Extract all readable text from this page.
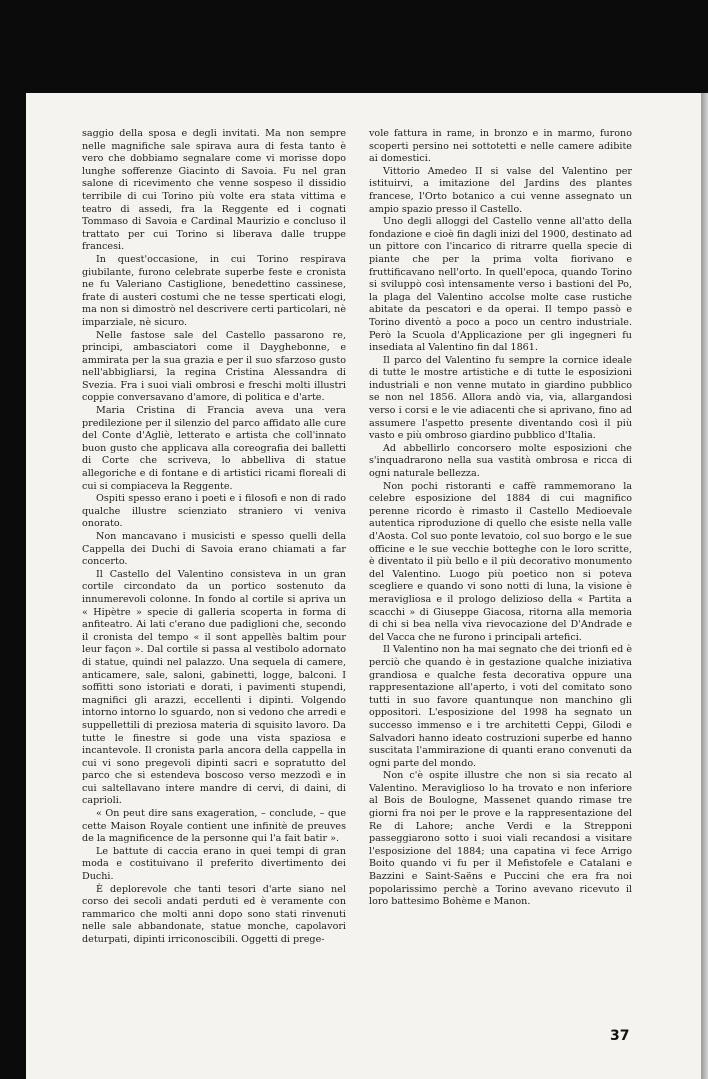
saggio della sposa e degli invitati. Ma non sempre nelle magnifiche sale spirava aura di festa tanto è vero che dobbiamo segnalare come vi morisse dopo lunghe sofferenze Giacinto di Savoia. Fu nel gran salone di ricevimento che venne sospeso il dissidio terribile di cui Torino più volte era stata vittima e teatro di assedi, fra la Reggente ed i cognati Tommaso di Savoia e Cardinal Maurizio e concluso il trattato per cui Torino si liberava dalle truppe francesi.

In quest'occasione, in cui Torino respirava giubilante, furono celebrate superbe feste e cronista ne fu Valeriano Castiglione, benedettino cassinese, frate di austeri costumi che ne tesse sperticati elogi, ma non si dimostrò nel descrivere certi particolari, nè imparziale, nè sicuro.

Nelle fastose sale del Castello passarono re, principi, ambasciatori come il Dayghebonne, e ammirata per la sua grazia e per il suo sfarzoso gusto nell'abbigliarsi, la regina Cristina Alessandra di Svezia. Fra i suoi viali ombrosi e freschi molti illustri coppie conversavano d'amore, di politica e d'arte.

Maria Cristina di Francia aveva una vera predilezione per il silenzio del parco affidato alle cure del Conte d'Agliè, letterato e artista che coll'innato buon gusto che applicava alla coreografia dei balletti di Corte che scriveva, lo abbelliva di statue allegoriche e di fontane e di artistici ricami floreali di cui si compiaceva la Reggente.

Ospiti spesso erano i poeti e i filosofi e non di rado qualche illustre scienziato straniero vi veniva onorato.

Non mancavano i musicisti e spesso quelli della Cappella dei Duchi di Savoia erano chiamati a far concerto.

Il Castello del Valentino consisteva in un gran cortile circondato da un portico sostenuto da innumerevoli colonne. In fondo al cortile si apriva un « Hipètre » specie di galleria scoperta in forma di anfiteatro. Ai lati c'erano due padiglioni che, secondo il cronista del tempo « il sont appellès baltim pour leur façon ». Dal cortile si passa al vestibolo adornato di statue, quindi nel palazzo. Una sequela di camere, anticamere, sale, saloni, gabinetti, logge, balconi. I soffitti sono istoriati e dorati, i pavimenti stupendi, magnifici gli arazzi, eccellenti i dipinti. Volgendo intorno intorno lo sguardo, non si vedono che arredi e suppellettili di preziosa materia di squisito lavoro. Da tutte le finestre si gode una vista spaziosa e incantevole. Il cronista parla ancora della cappella in cui vi sono pregevoli dipinti sacri e sopratutto del parco che si estendeva boscoso verso mezzodì e in cui saltellavano intere mandre di cervi, di daini, di caprioli.

« On peut dire sans exageration, – conclude, – que cette Maison Royale contient une infinitè de preuves de la magnificence de la personne qui l'a fait batir ».

Le battute di caccia erano in quei tempi di gran moda e costituivano il preferito divertimento dei Duchi.

È deplorevole che tanti tesori d'arte siano nel corso dei secoli andati perduti ed è veramente con rammarico che molti anni dopo sono stati rinvenuti nelle sale abbandonate, statue monche, capolavori deturpati, dipinti irriconoscibili. Oggetti di prege-

vole fattura in rame, in bronzo e in marmo, furono scoperti persino nei sottotetti e nelle camere adibite ai domestici.

Vittorio Amedeo II si valse del Valentino per istituirvi, a imitazione del Jardins des plantes francese, l'Orto botanico a cui venne assegnato un ampio spazio presso il Castello.

Uno degli alloggi del Castello venne all'atto della fondazione e cioè fin dagli inizi del 1900, destinato ad un pittore con l'incarico di ritrarre quella specie di piante che per la prima volta fiorivano e fruttificavano nell'orto. In quell'epoca, quando Torino si sviluppò così intensamente verso i bastioni del Po, la plaga del Valentino accolse molte case rustiche abitate da pescatori e da operai. Il tempo passò e Torino diventò a poco a poco un centro industriale. Però la Scuola d'Applicazione per gli ingegneri fu insediata al Valentino fin dal 1861.

Il parco del Valentino fu sempre la cornice ideale di tutte le mostre artistiche e di tutte le esposizioni industriali e non venne mutato in giardino pubblico se non nel 1856. Allora andò via, via, allargandosi verso i corsi e le vie adiacenti che si aprivano, fino ad assumere l'aspetto presente diventando così il più vasto e più ombroso giardino pubblico d'Italia.

Ad abbellirlo concorsero molte esposizioni che s'inquadrarono nella sua vastità ombrosa e ricca di ogni naturale bellezza.

Non pochi ristoranti e caffè rammemorano la celebre esposizione del 1884 di cui magnifico perenne ricordo è rimasto il Castello Medioevale autentica riproduzione di quello che esiste nella valle d'Aosta. Col suo ponte levatoio, col suo borgo e le sue officine e le sue vecchie botteghe con le loro scritte, è diventato il più bello e il più decorativo monumento del Valentino. Luogo più poetico non si poteva scegliere e quando vi sono notti di luna, la visione è meravigliosa e il prologo delizioso della « Partita a scacchi » di Giuseppe Giacosa, ritorna alla memoria di chi si bea nella viva rievocazione del D'Andrade e del Vacca che ne furono i principali artefici.

Il Valentino non ha mai segnato che dei trionfi ed è perciò che quando è in gestazione qualche iniziativa grandiosa e qualche festa decorativa oppure una rappresentazione all'aperto, i voti del comitato sono tutti in suo favore quantunque non manchino gli oppositori. L'esposizione del 1998 ha segnato un successo immenso e i tre architetti Ceppi, Gilodi e Salvadori hanno ideato costruzioni superbe ed hanno suscitata l'ammirazione di quanti erano convenuti da ogni parte del mondo.

Non c'è ospite illustre che non si sia recato al Valentino. Meraviglioso lo ha trovato e non inferiore al Bois de Boulogne, Massenet quando rimase tre giorni fra noi per le prove e la rappresentazione del Re di Lahore; anche Verdi e la Strepponi passeggiarono sotto i suoi viali recandosi a visitare l'esposizione del 1884; una capatina vi fece Arrigo Boito quando vi fu per il Mefistofele e Catalani e Bazzini e Saint-Saëns e Puccini che era fra noi popolarissimo perchè a Torino avevano ricevuto il loro battesimo Bohème e Manon.

37
